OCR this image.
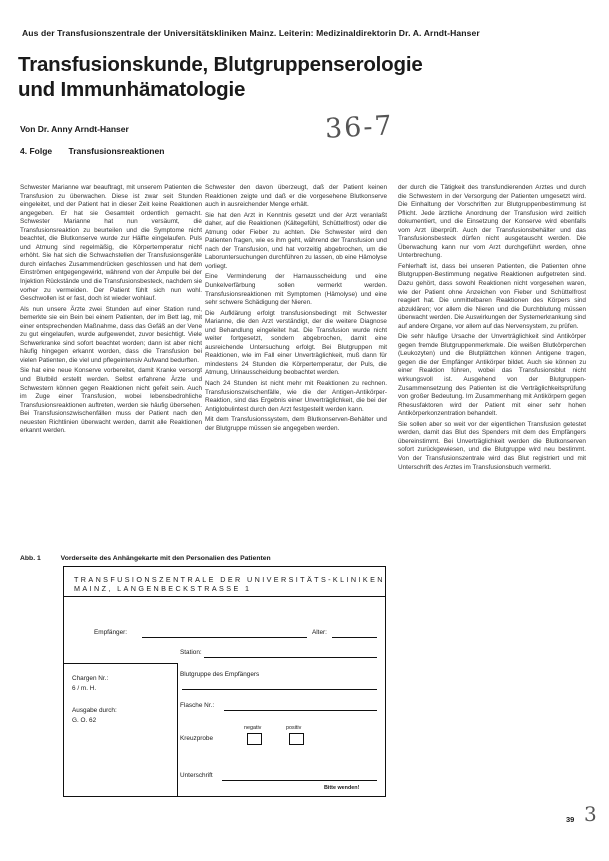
Aus der Transfusionszentrale der Universitätskliniken Mainz. Leiterin: Medizinaldirektorin Dr. A. Arndt-Hanser
Transfusionskunde, Blutgruppenserologie
und Immunhämatologie
Von Dr. Anny Arndt-Hanser	36-7
4. Folge Transfusionsreaktionen

Schwester Marianne war beauftragt, mit unserem Patienten die Transfusion zu überwachen. Diese ist zwar seit Stunden eingeleitet, und der Patient hat in dieser Zeit keine Reaktionen angegeben. Er hat sie Gesamteit ordentlich gemacht. Schwester Marianne hat nun versäumt, die Transfusionsreaktion zu beurteilen und die Symptome nicht beachtet, die Blutkonserve wurde zur Hälfte eingelaufen. Puls und Atmung sind regelmäßig, die Körpertemperatur nicht erhöht. Sie hat sich die Schwachstellen der Transfusionsgeräte durch einfaches Zusammendrücken geschlossen und hat dem Einströmen entgegengewirkt, während von der Ampulle bei der Injektion Rückstände und die Transfusionsbesteck, nachdem sie vorher zu vermeiden. Der Patient fühlt sich nun wohl. Geschwollen ist er fast, doch ist wieder wohlauf.

Als nun unsere Ärzte zwei Stunden auf einer Station rund, bemerkte sie ein Bein bei einem Patienten, der im Bett lag, mit einer entsprechenden Maßnahme, dass das Gefäß an der Vene zu gut eingelaufen, wurde aufgewendet, zuvor besichtigt. Viele Schwerkranke sind sofort beachtet worden; dann ist aber nicht häufig hingegen erkannt worden, dass die Transfusion bei vielen Patienten, die viel und pflegeintensiv Aufwand bedurften.

Sie hat eine neue Konserve vorbereitet, damit Kranke versorgt und Blutbild erstellt werden. Selbst erfahrene Ärzte und Schwestern können gegen Reaktionen nicht gefeit sein. Auch im Zuge einer Transfusion, wobei lebensbedrohliche Transfusionsreaktionen auftreten, werden sie häufig übersehen. Bei Transfusionszwischenfällen muss der Patient nach den neuesten Richtlinien überwacht werden, damit alle Reaktionen erkannt werden.

Schwester den davon überzeugt, daß der Patient keinen Reaktionen zeigte und daß er die vorgesehene Blutkonserve auch in ausreichender Menge erhält.

Sie hat den Arzt in Kenntnis gesetzt und der Arzt veranlaßt daher, auf die Reaktionen (Kältegefühl, Schüttelfrost) oder die Atmung oder Fieber zu achten. Die Schwester wird den Patienten fragen, wie es ihm geht, während der Transfusion und nach der Transfusion, und hat vorzeitig abgebrochen, um die Laboruntersuchungen durchführen zu lassen, ob eine Hämolyse vorliegt.

Eine Verminderung der Harnausscheidung und eine Dunkelverfärbung sollen vermerkt werden. Transfusionsreaktionen mit Symptomen (Hämolyse) und eine sehr schwere Schädigung der Nieren.

Die Aufklärung erfolgt transfusionsbedingt mit Schwester Marianne, die den Arzt verständigt, der die weitere Diagnose und Behandlung eingeleitet hat. Die Transfusion wurde nicht weiter fortgesetzt, sondern abgebrochen, damit eine ausreichende Untersuchung erfolgt. Bei Blutgruppen mit Reaktionen, wie im Fall einer Unverträglichkeit, muß dann für mindestens 24 Stunden die Körpertemperatur, der Puls, die Atmung, Urinausscheidung beobachtet werden.

Nach 24 Stunden ist nicht mehr mit Reaktionen zu rechnen. Transfusionszwischenfälle, wie die der Antigen-Antikörper-Reaktion, sind das Ergebnis einer Unverträglichkeit, die bei der Antiglobulintest durch den Arzt festgestellt werden kann.

Mit dem Transfusionssystem, dem Blutkonserven-Behälter und der Blutgruppe müssen sie angegeben werden.

der durch die Tätigkeit des transfundierenden Arztes und durch die Schwestern in der Versorgung der Patienten umgesetzt wird. Die Einhaltung der Vorschriften zur Blutgruppenbestimmung ist Pflicht. Jede ärztliche Anordnung der Transfusion wird zeitlich dokumentiert, und die Einsetzung der Konserve wird ebenfalls vom Arzt überprüft. Auch der Transfusionsbehälter und das Transfusionsbesteck dürfen nicht ausgetauscht werden. Die Überwachung kann nur vom Arzt durchgeführt werden, ohne Unterbrechung.

Fehlerhaft ist, dass bei unseren Patienten, die Patienten ohne Blutgruppen-Bestimmung negative Reaktionen aufgetreten sind. Dazu gehört, dass sowohl Reaktionen nicht vorgesehen waren, wie der Patient ohne Anzeichen von Fieber und Schüttelfrost reagiert hat. Die unmittelbaren Reaktionen des Körpers sind abzuklären; vor allem die Nieren und die Durchblutung müssen überwacht werden. Die Auswirkungen der Systemerkrankung sind auf andere Organe, vor allem auf das Nervensystem, zu prüfen.

Die sehr häufige Ursache der Unverträglichkeit sind Antikörper gegen fremde Blutgruppenmerkmale. Die weißen Blutkörperchen (Leukozyten) und die Blutplättchen können Antigene tragen, gegen die der Empfänger Antikörper bildet. Auch sie können zu einer Reaktion führen, wobei das Transfusionsblut nicht wirkungsvoll ist. Ausgehend von der Blutgruppen-Zusammensetzung des Patienten ist die Verträglichkeitsprüfung von großer Bedeutung. Im Zusammenhang mit Antikörpern gegen Rhesusfaktoren wird der Patient mit einer sehr hohen Antikörperkonzentration behandelt.

Sie sollen aber so weit vor der eigentlichen Transfusion getestet werden, damit das Blut des Spenders mit dem des Empfängers übereinstimmt. Bei Unverträglichkeit werden die Blutkonserven sofort zurückgewiesen, und die Blutgruppe wird neu bestimmt. Von der Transfusionszentrale wird das Blut registriert und mit Unterschrift des Arztes im Transfusionsbuch vermerkt.

Abb. 1	Vorderseite des Anhängekarte mit den Personalien des Patienten
TRANSFUSIONSZENTRALE DER UNIVERSITÄTS-KLINIKEN
MAINZ, LANGENBECKSTRASSE 1
Empfänger:	Alter:
Station:
Blutgruppe des Empfängers
Flasche Nr.:
Kreuzprobe
negativ	positiv
Unterschrift
Bitte wenden!
Chargen Nr.:
6 / m. H.
Ausgabe durch:
G. O. 62
39 3
